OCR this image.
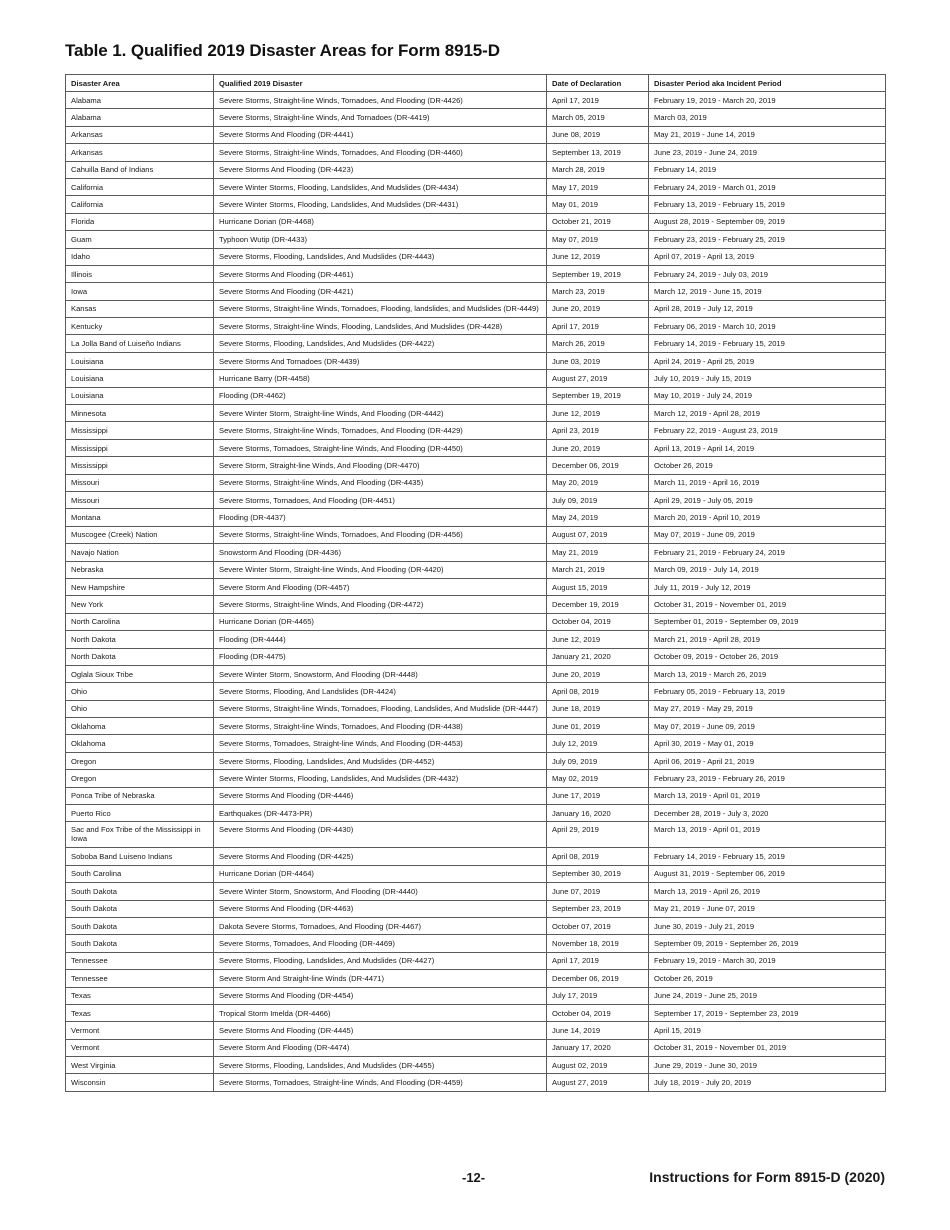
Table 1. Qualified 2019 Disaster Areas for Form 8915-D
Disaster Area	Qualified 2019 Disaster	Date of Declaration	Disaster Period aka Incident Period
Alabama	Severe Storms, Straight-line Winds, Tornadoes, And Flooding (DR-4426)	April 17, 2019	February 19, 2019 - March 20, 2019
Alabama	Severe Storms, Straight-line Winds, And Tornadoes (DR-4419)	March 05, 2019	March 03, 2019
Arkansas	Severe Storms And Flooding (DR-4441)	June 08, 2019	May 21, 2019 - June 14, 2019
Arkansas	Severe Storms, Straight-line Winds, Tornadoes, And Flooding (DR-4460)	September 13, 2019	June 23, 2019 - June 24, 2019
Cahuilla Band of Indians	Severe Storms And Flooding (DR-4423)	March 28, 2019	February 14, 2019
California	Severe Winter Storms, Flooding, Landslides, And Mudslides (DR-4434)	May 17, 2019	February 24, 2019 - March 01, 2019
California	Severe Winter Storms, Flooding, Landslides, And Mudslides (DR-4431)	May 01, 2019	February 13, 2019 - February 15, 2019
Florida	Hurricane Dorian (DR-4468)	October 21, 2019	August 28, 2019 - September 09, 2019
Guam	Typhoon Wutip (DR-4433)	May 07, 2019	February 23, 2019 - February 25, 2019
Idaho	Severe Storms, Flooding, Landslides, And Mudslides (DR-4443)	June 12, 2019	April 07, 2019 - April 13, 2019
Illinois	Severe Storms And Flooding (DR-4461)	September 19, 2019	February 24, 2019 - July 03, 2019
Iowa	Severe Storms And Flooding (DR-4421)	March 23, 2019	March 12, 2019 - June 15, 2019
Kansas	Severe Storms, Straight-line Winds, Tornadoes, Flooding, landslides, and Mudslides (DR-4449)	June 20, 2019	April 28, 2019 - July 12, 2019
Kentucky	Severe Storms, Straight-line Winds, Flooding, Landslides, And Mudslides (DR-4428)	April 17, 2019	February 06, 2019 - March 10, 2019
La Jolla Band of Luiseño Indians	Severe Storms, Flooding, Landslides, And Mudslides (DR-4422)	March 26, 2019	February 14, 2019 - February 15, 2019
Louisiana	Severe Storms And Tornadoes (DR-4439)	June 03, 2019	April 24, 2019 - April 25, 2019
Louisiana	Hurricane Barry (DR-4458)	August 27, 2019	July 10, 2019 - July 15, 2019
Louisiana	Flooding (DR-4462)	September 19, 2019	May 10, 2019 - July 24, 2019
Minnesota	Severe Winter Storm, Straight-line Winds, And Flooding (DR-4442)	June 12, 2019	March 12, 2019 - April 28, 2019
Mississippi	Severe Storms, Straight-line Winds, Tornadoes, And Flooding (DR-4429)	April 23, 2019	February 22, 2019 - August 23, 2019
Mississippi	Severe Storms, Tornadoes, Straight-line Winds, And Flooding (DR-4450)	June 20, 2019	April 13, 2019 - April 14, 2019
Mississippi	Severe Storm, Straight-line Winds, And Flooding (DR-4470)	December 06, 2019	October 26, 2019
Missouri	Severe Storms, Straight-line Winds, And Flooding (DR-4435)	May 20, 2019	March 11, 2019 - April 16, 2019
Missouri	Severe Storms, Tornadoes, And Flooding (DR-4451)	July 09, 2019	April 29, 2019 - July 05, 2019
Montana	Flooding (DR-4437)	May 24, 2019	March 20, 2019 - April 10, 2019
Muscogee (Creek) Nation	Severe Storms, Straight-line Winds, Tornadoes, And Flooding (DR-4456)	August 07, 2019	May 07, 2019 - June 09, 2019
Navajo Nation	Snowstorm And Flooding (DR-4436)	May 21, 2019	February 21, 2019 - February 24, 2019
Nebraska	Severe Winter Storm, Straight-line Winds, And Flooding (DR-4420)	March 21, 2019	March 09, 2019 - July 14, 2019
New Hampshire	Severe Storm And Flooding (DR-4457)	August 15, 2019	July 11, 2019 - July 12, 2019
New York	Severe Storms, Straight-line Winds, And Flooding (DR-4472)	December 19, 2019	October 31, 2019 - November 01, 2019
North Carolina	Hurricane Dorian (DR-4465)	October 04, 2019	September 01, 2019 - September 09, 2019
North Dakota	Flooding (DR-4444)	June 12, 2019	March 21, 2019 - April 28, 2019
North Dakota	Flooding (DR-4475)	January 21, 2020	October 09, 2019 - October 26, 2019
Oglala Sioux Tribe	Severe Winter Storm, Snowstorm, And Flooding (DR-4448)	June 20, 2019	March 13, 2019 - March 26, 2019
Ohio	Severe Storms, Flooding, And Landslides (DR-4424)	April 08, 2019	February 05, 2019 - February 13, 2019
Ohio	Severe Storms, Straight-line Winds, Tornadoes, Flooding, Landslides, And Mudslide (DR-4447)	June 18, 2019	May 27, 2019 - May 29, 2019
Oklahoma	Severe Storms, Straight-line Winds, Tornadoes, And Flooding (DR-4438)	June 01, 2019	May 07, 2019 - June 09, 2019
Oklahoma	Severe Storms, Tornadoes, Straight-line Winds, And Flooding (DR-4453)	July 12, 2019	April 30, 2019 - May 01, 2019
Oregon	Severe Storms, Flooding, Landslides, And Mudslides (DR-4452)	July 09, 2019	April 06, 2019 - April 21, 2019
Oregon	Severe Winter Storms, Flooding, Landslides, And Mudslides (DR-4432)	May 02, 2019	February 23, 2019 - February 26, 2019
Ponca Tribe of Nebraska	Severe Storms And Flooding (DR-4446)	June 17, 2019	March 13, 2019 - April 01, 2019
Puerto Rico	Earthquakes (DR-4473-PR)	January 16, 2020	December 28, 2019 - July 3, 2020
Sac and Fox Tribe of the Mississippi in Iowa	Severe Storms And Flooding (DR-4430)	April 29, 2019	March 13, 2019 - April 01, 2019
Soboba Band Luiseno Indians	Severe Storms And Flooding (DR-4425)	April 08, 2019	February 14, 2019 - February 15, 2019
South Carolina	Hurricane Dorian (DR-4464)	September 30, 2019	August 31, 2019 - September 06, 2019
South Dakota	Severe Winter Storm, Snowstorm, And Flooding (DR-4440)	June 07, 2019	March 13, 2019 - April 26, 2019
South Dakota	Severe Storms And Flooding (DR-4463)	September 23, 2019	May 21, 2019 - June 07, 2019
South Dakota	Dakota Severe Storms, Tornadoes, And Flooding (DR-4467)	October 07, 2019	June 30, 2019 - July 21, 2019
South Dakota	Severe Storms, Tornadoes, And Flooding (DR-4469)	November 18, 2019	September 09, 2019 - September 26, 2019
Tennessee	Severe Storms, Flooding, Landslides, And Mudslides (DR-4427)	April 17, 2019	February 19, 2019 - March 30, 2019
Tennessee	Severe Storm And Straight-line Winds (DR-4471)	December 06, 2019	October 26, 2019
Texas	Severe Storms And Flooding (DR-4454)	July 17, 2019	June 24, 2019 - June 25, 2019
Texas	Tropical Storm Imelda (DR-4466)	October 04, 2019	September 17, 2019 - September 23, 2019
Vermont	Severe Storms And Flooding (DR-4445)	June 14, 2019	April 15, 2019
Vermont	Severe Storm And Flooding (DR-4474)	January 17, 2020	October 31, 2019 - November 01, 2019
West Virginia	Severe Storms, Flooding, Landslides, And Mudslides (DR-4455)	August 02, 2019	June 29, 2019 - June 30, 2019
Wisconsin	Severe Storms, Tornadoes, Straight-line Winds, And Flooding (DR-4459)	August 27, 2019	July 18, 2019 - July 20, 2019
-12-	Instructions for Form 8915-D (2020)
